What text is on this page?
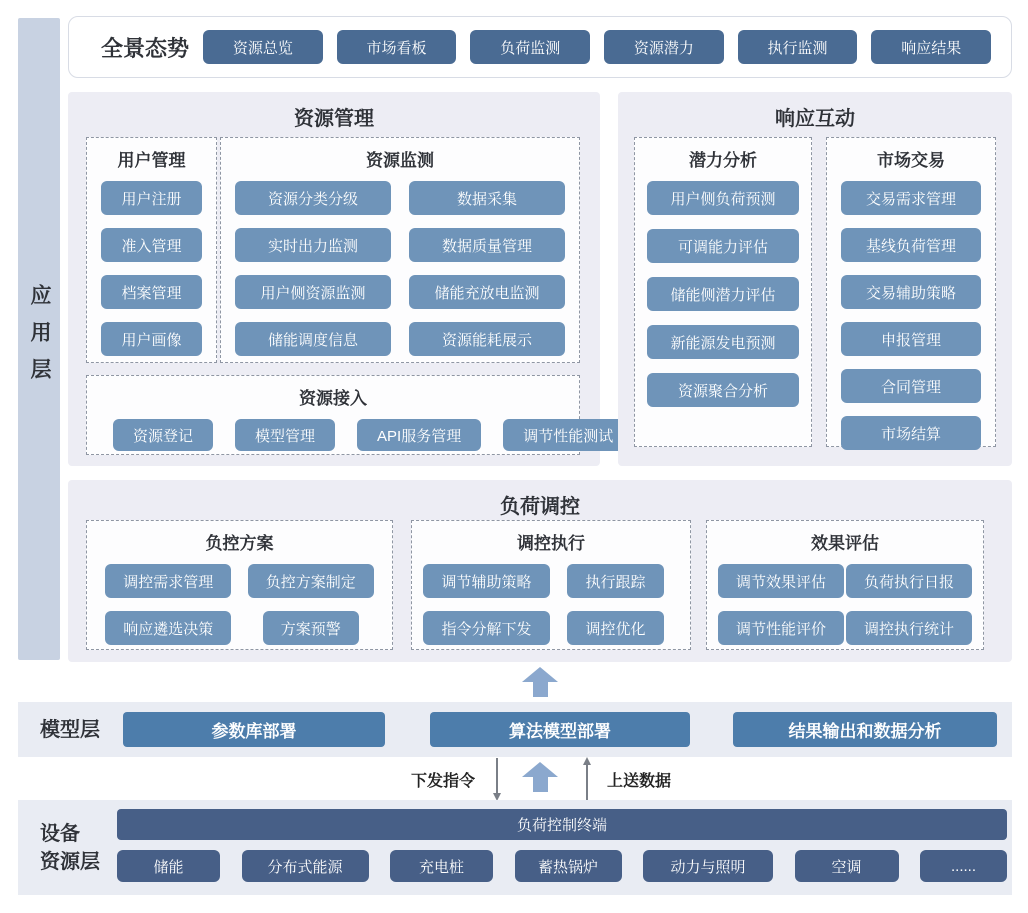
应用层
全景态势	资源总览	市场看板	负荷监测	资源潜力	执行监测	响应结果
资源管理
用户管理
用户注册
准入管理
档案管理
用户画像
资源监测
资源分类分级	数据采集
实时出力监测	数据质量管理
用户侧资源监测	储能充放电监测
储能调度信息	资源能耗展示
资源接入
资源登记	模型管理	API服务管理	调节性能测试
响应互动
潜力分析
用户侧负荷预测
可调能力评估
储能侧潜力评估
新能源发电预测
资源聚合分析
市场交易
交易需求管理
基线负荷管理
交易辅助策略
申报管理
合同管理
市场结算
负荷调控
负控方案
调控需求管理	负控方案制定
响应遴选决策	方案预警
调控执行
调节辅助策略	执行跟踪
指令分解下发	调控优化
效果评估
调节效果评估	负荷执行日报
调节性能评价	调控执行统计
模型层	参数库部署	算法模型部署	结果输出和数据分析
下发指令	上送数据
设备
资源层
负荷控制终端
储能	分布式能源	充电桩	蓄热锅炉	动力与照明	空调	......
